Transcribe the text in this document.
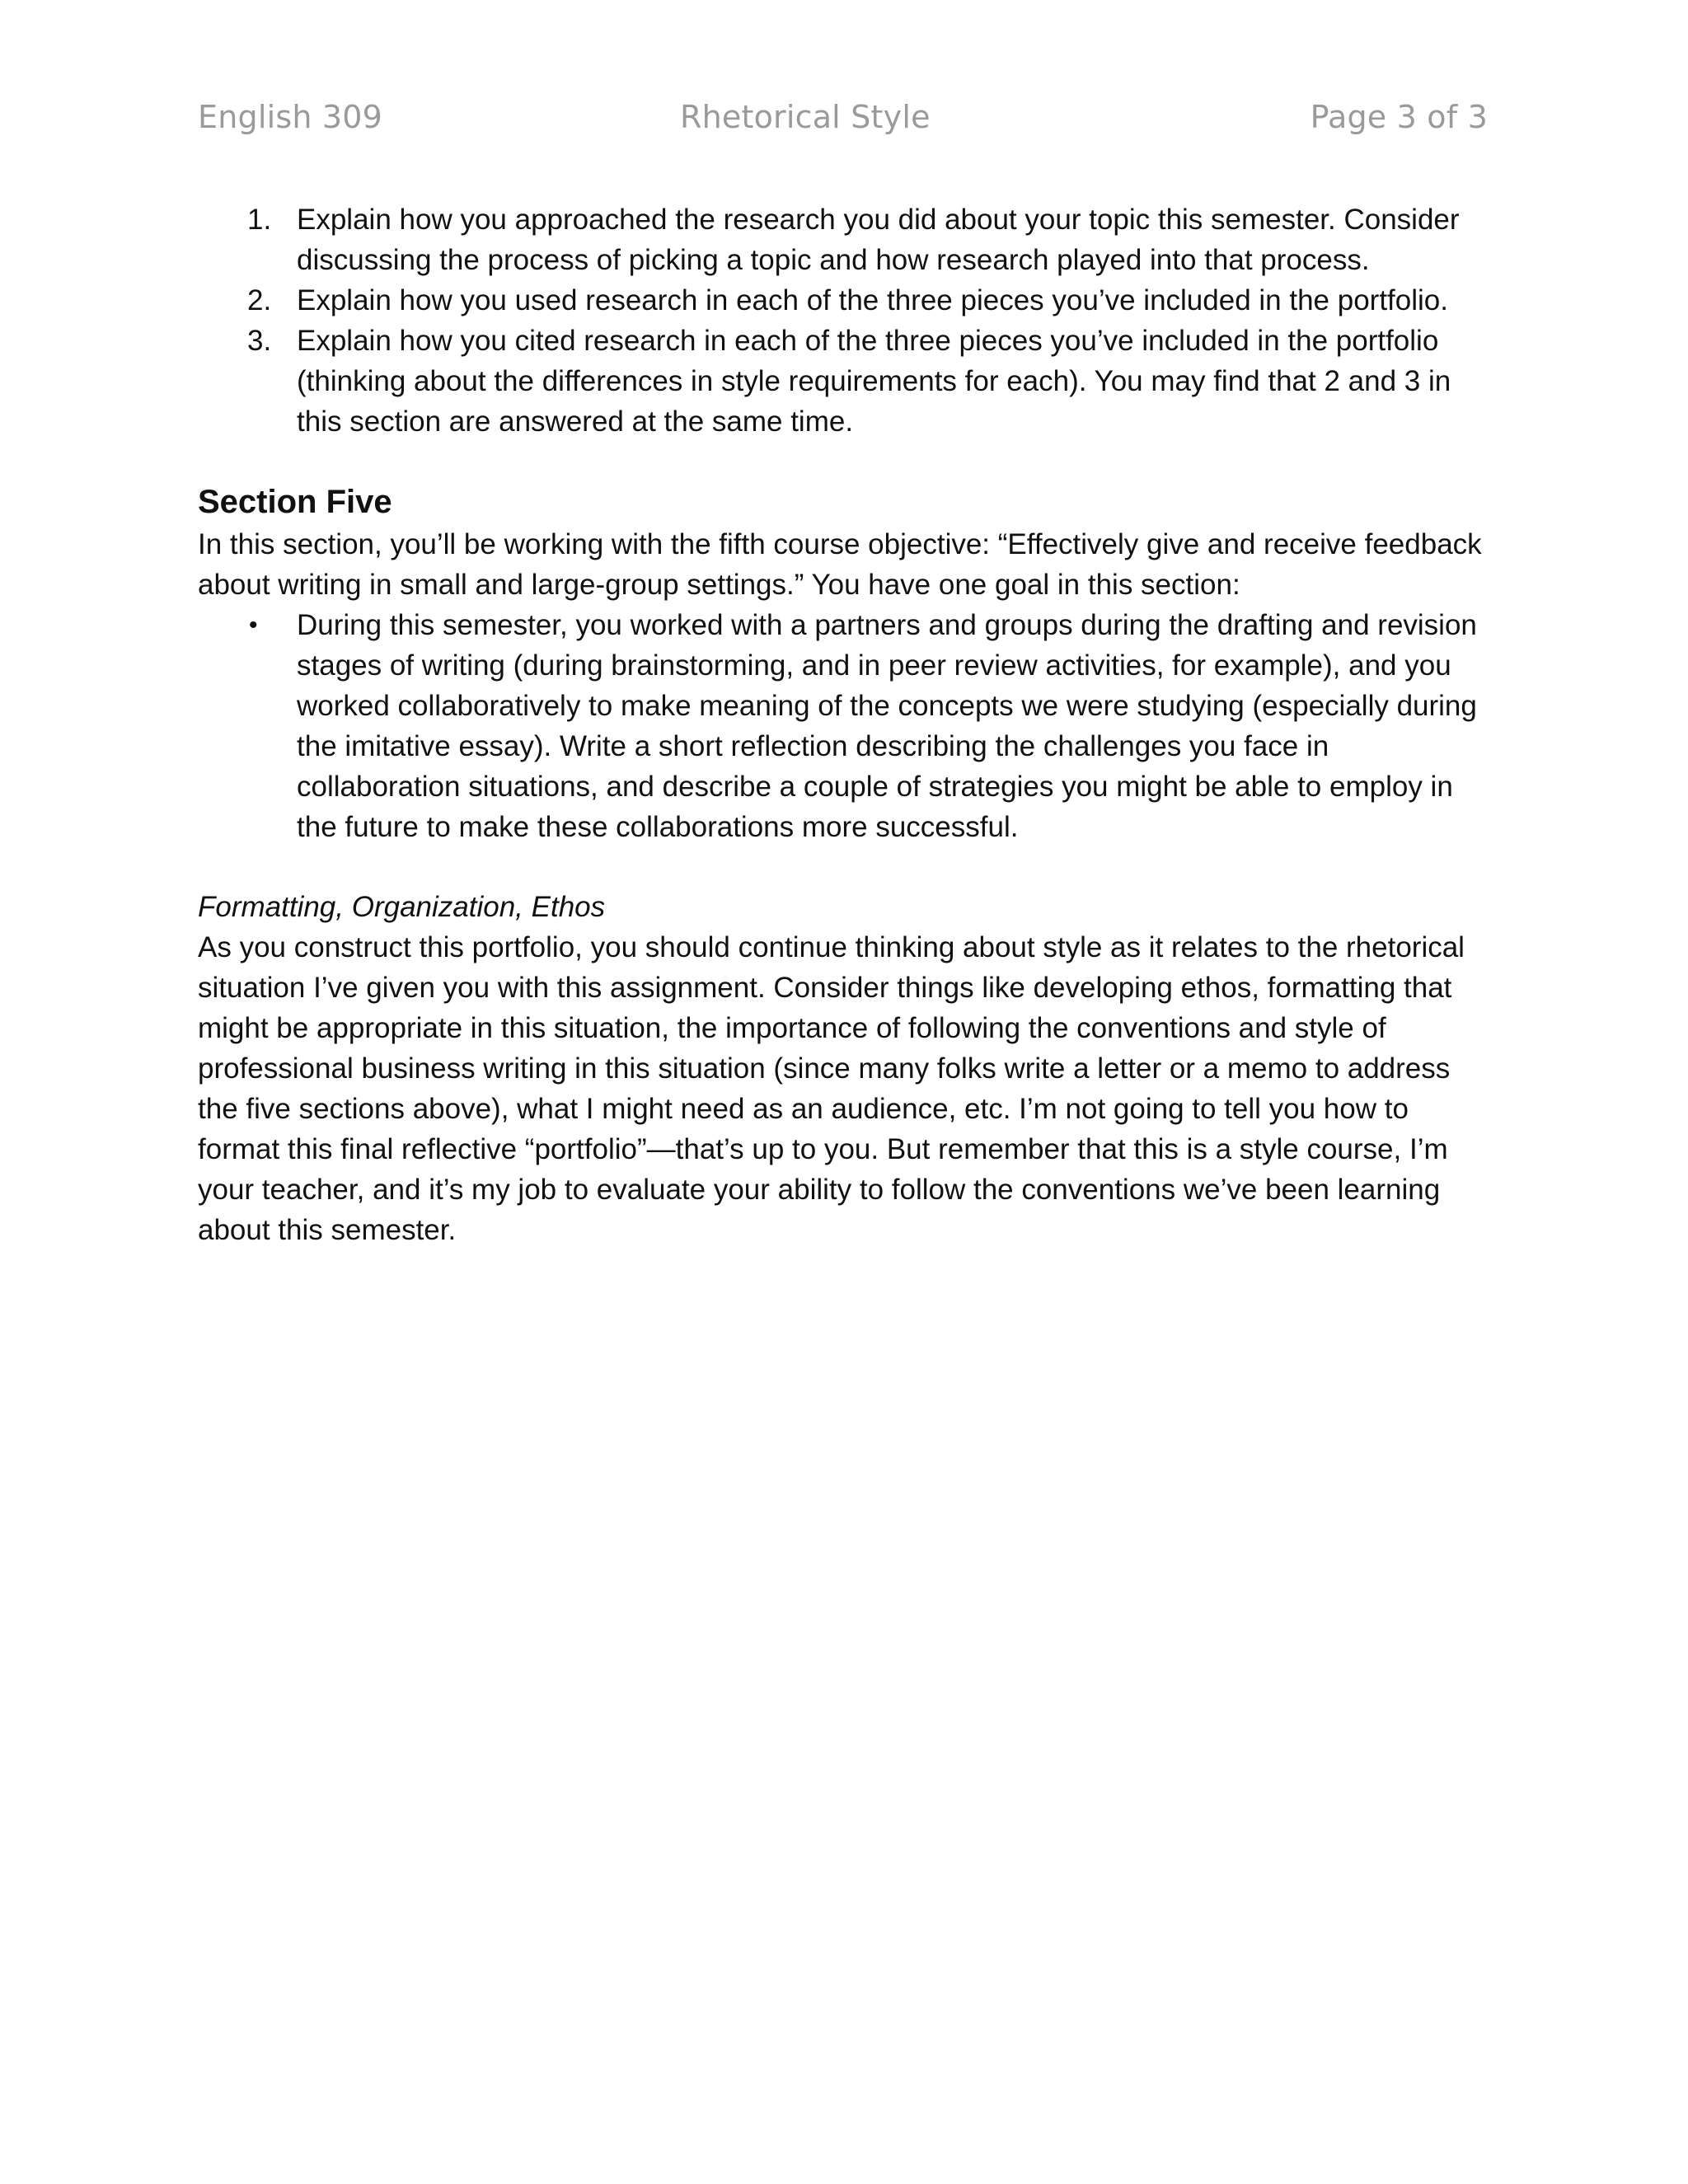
English 309	Rhetorical Style	Page 3 of 3
1. Explain how you approached the research you did about your topic this semester. Consider discussing the process of picking a topic and how research played into that process.
2. Explain how you used research in each of the three pieces you’ve included in the portfolio.
3. Explain how you cited research in each of the three pieces you’ve included in the portfolio (thinking about the differences in style requirements for each). You may find that 2 and 3 in this section are answered at the same time.
Section Five

In this section, you’ll be working with the fifth course objective: “Effectively give and receive feedback about writing in small and large-group settings.” You have one goal in this section:

• During this semester, you worked with a partners and groups during the drafting and revision stages of writing (during brainstorming, and in peer review activities, for example), and you worked collaboratively to make meaning of the concepts we were studying (especially during the imitative essay). Write a short reflection describing the challenges you face in collaboration situations, and describe a couple of strategies you might be able to employ in the future to make these collaborations more successful.

Formatting, Organization, Ethos

As you construct this portfolio, you should continue thinking about style as it relates to the rhetorical situation I’ve given you with this assignment. Consider things like developing ethos, formatting that might be appropriate in this situation, the importance of following the conventions and style of professional business writing in this situation (since many folks write a letter or a memo to address the five sections above), what I might need as an audience, etc. I’m not going to tell you how to format this final reflective “portfolio”—that’s up to you. But remember that this is a style course, I’m your teacher, and it’s my job to evaluate your ability to follow the conventions we’ve been learning about this semester.
